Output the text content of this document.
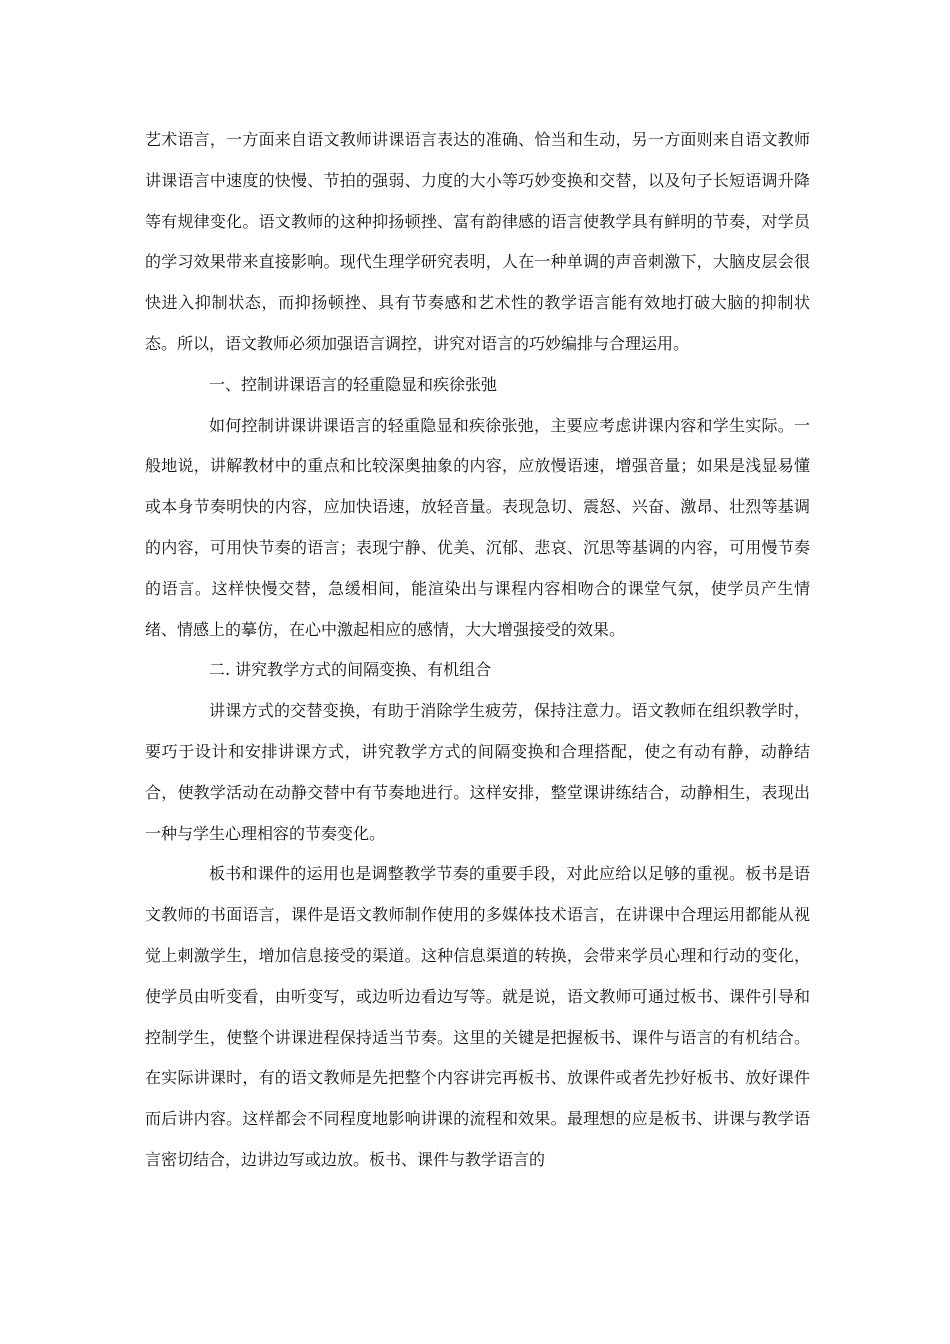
艺术语言，一方面来自语文教师讲课语言表达的准确、恰当和生动，另一方面则来自语文教师讲课语言中速度的快慢、节拍的强弱、力度的大小等巧妙变换和交替，以及句子长短语调升降等有规律变化。语文教师的这种抑扬顿挫、富有韵律感的语言使教学具有鲜明的节奏，对学员的学习效果带来直接影响。现代生理学研究表明，人在一种单调的声音刺激下，大脑皮层会很快进入抑制状态，而抑扬顿挫、具有节奏感和艺术性的教学语言能有效地打破大脑的抑制状态。所以，语文教师必须加强语言调控，讲究对语言的巧妙编排与合理运用。

一、控制讲课语言的轻重隐显和疾徐张弛

如何控制讲课讲课语言的轻重隐显和疾徐张弛，主要应考虑讲课内容和学生实际。一般地说，讲解教材中的重点和比较深奥抽象的内容，应放慢语速，增强音量；如果是浅显易懂或本身节奏明快的内容，应加快语速，放轻音量。表现急切、震怒、兴奋、激昂、壮烈等基调的内容，可用快节奏的语言；表现宁静、优美、沉郁、悲哀、沉思等基调的内容，可用慢节奏的语言。这样快慢交替，急缓相间，能渲染出与课程内容相吻合的课堂气氛，使学员产生情绪、情感上的摹仿，在心中激起相应的感情，大大增强接受的效果。

二. 讲究教学方式的间隔变换、有机组合

讲课方式的交替变换，有助于消除学生疲劳，保持注意力。语文教师在组织教学时，要巧于设计和安排讲课方式，讲究教学方式的间隔变换和合理搭配，使之有动有静，动静结合，使教学活动在动静交替中有节奏地进行。这样安排，整堂课讲练结合，动静相生，表现出一种与学生心理相容的节奏变化。

板书和课件的运用也是调整教学节奏的重要手段，对此应给以足够的重视。板书是语文教师的书面语言，课件是语文教师制作使用的多媒体技术语言，在讲课中合理运用都能从视觉上刺激学生，增加信息接受的渠道。这种信息渠道的转换，会带来学员心理和行动的变化，使学员由听变看，由听变写，或边听边看边写等。就是说，语文教师可通过板书、课件引导和控制学生，使整个讲课进程保持适当节奏。这里的关键是把握板书、课件与语言的有机结合。在实际讲课时，有的语文教师是先把整个内容讲完再板书、放课件或者先抄好板书、放好课件而后讲内容。这样都会不同程度地影响讲课的流程和效果。最理想的应是板书、讲课与教学语言密切结合，边讲边写或边放。板书、课件与教学语言的
